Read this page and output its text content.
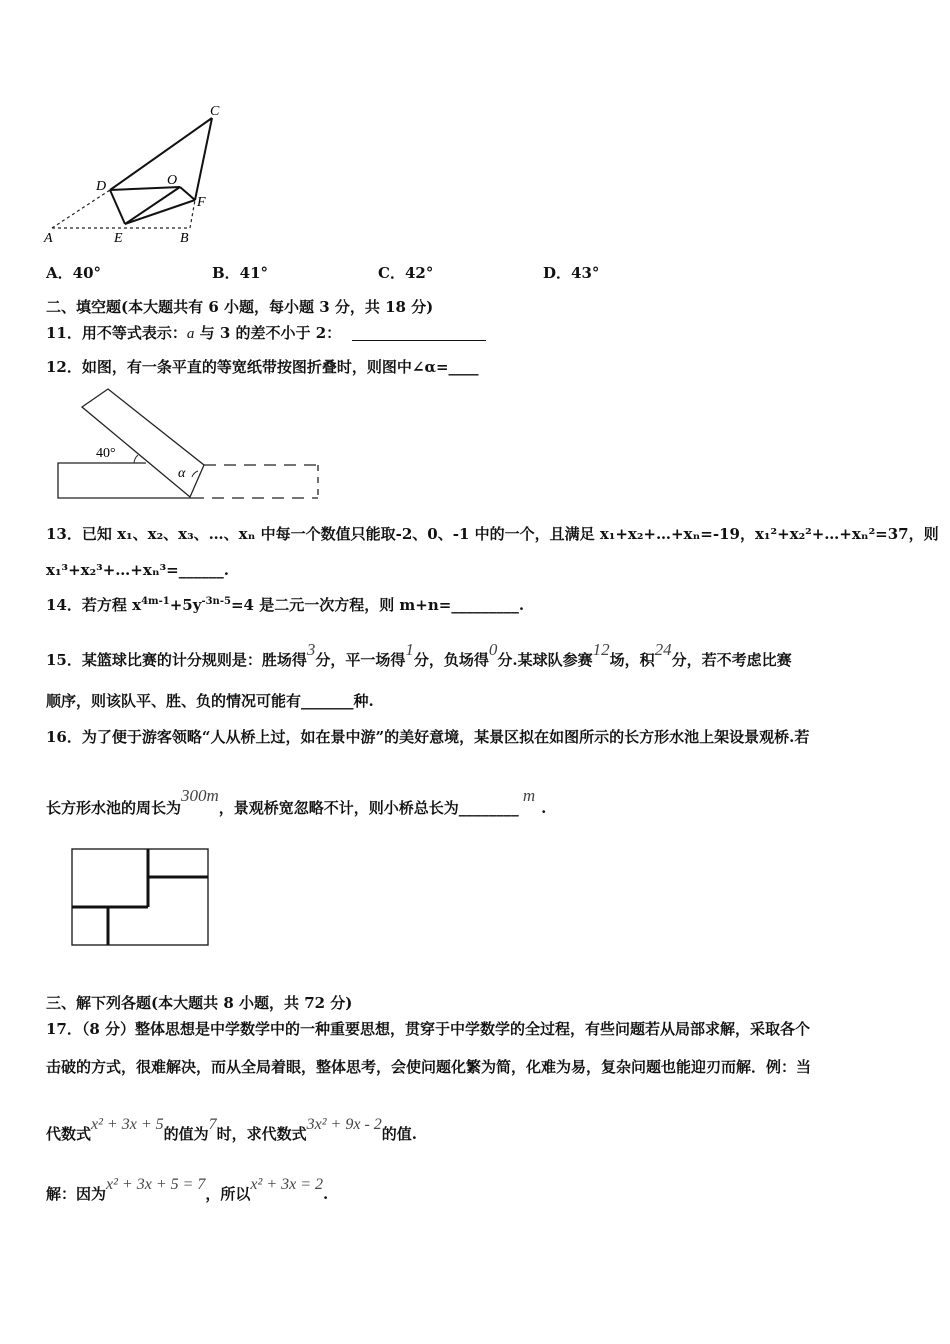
C
D	O
F
A	E	B
A．40°	B．41°	C．42°	D．43°
二、填空题(本大题共有 6 小题，每小题 3 分，共 18 分)
11．用不等式表示：a 与 3 的差不小于 2：
12．如图，有一条平直的等宽纸带按图折叠时，则图中∠α=____
40°
α
13．已知 x₁、x₂、x₃、…、xₙ 中每一个数值只能取-2、0、-1 中的一个，且满足 x₁+x₂+…+xₙ=-19，x₁²+x₂²+…+xₙ²=37，则
x₁³+x₂³+…+xₙ³=______.
14．若方程 $x^{4m-1}+5y^{-3n-5}=4$ 是二元一次方程，则 m+n=_________.
15．某篮球比赛的计分规则是：胜场得3分，平一场得1分，负场得0分.某球队参赛12场，积24分，若不考虑比赛
顺序，则该队平、胜、负的情况可能有_______种.
16．为了便于游客领略“人从桥上过，如在景中游”的美好意境，某景区拟在如图所示的长方形水池上架设景观桥.若
长方形水池的周长为300m，景观桥宽忽略不计，则小桥总长为________m.
三、解下列各题(本大题共 8 小题，共 72 分)
17．（8 分）整体思想是中学数学中的一种重要思想，贯穿于中学数学的全过程，有些问题若从局部求解，采取各个
击破的方式，很难解决，而从全局着眼，整体思考，会使问题化繁为简，化难为易，复杂问题也能迎刃而解．例：当
代数式x² + 3x + 5的值为7时，求代数式3x² + 9x - 2的值.
解：因为x² + 3x + 5 = 7，所以x² + 3x = 2.
